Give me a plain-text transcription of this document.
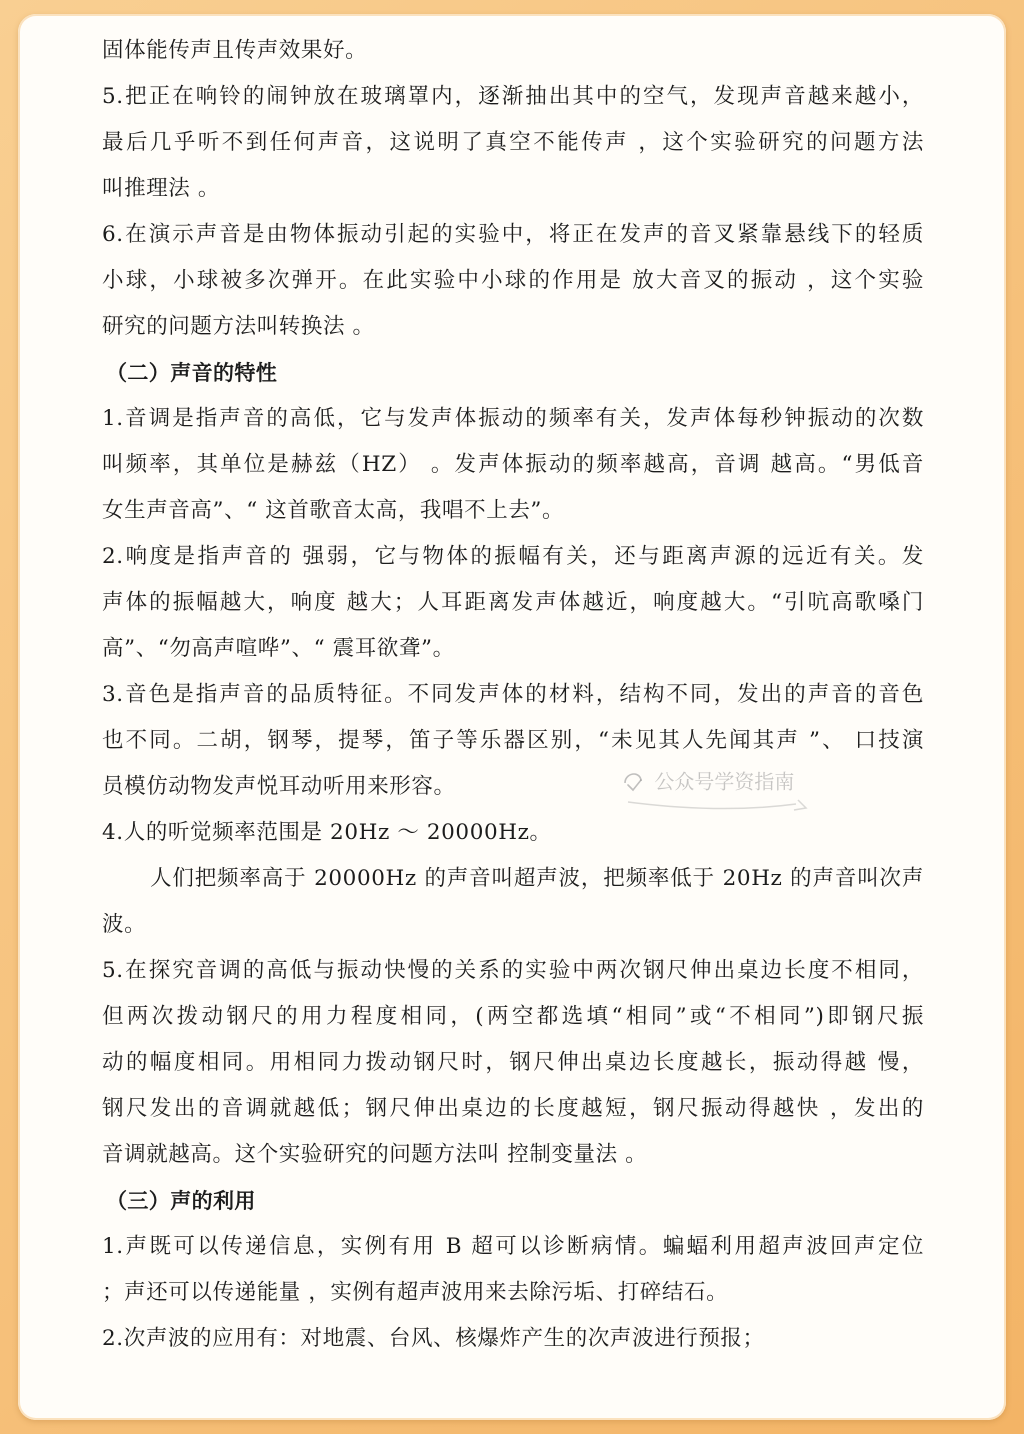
固体能传声且传声效果好。
5.把正在响铃的闹钟放在玻璃罩内，逐渐抽出其中的空气，发现声音越来越小，
最后几乎听不到任何声音，这说明了真空不能传声 ，这个实验研究的问题方法
叫推理法 。
6.在演示声音是由物体振动引起的实验中，将正在发声的音叉紧靠悬线下的轻质
小球，小球被多次弹开。在此实验中小球的作用是 放大音叉的振动 ，这个实验
研究的问题方法叫转换法 。
（二）声音的特性
1.音调是指声音的高低，它与发声体振动的频率有关，发声体每秒钟振动的次数
叫频率，其单位是赫兹（HZ） 。发声体振动的频率越高，音调 越高。“男低音
女生声音高”、“ 这首歌音太高，我唱不上去”。
2.响度是指声音的 强弱，它与物体的振幅有关，还与距离声源的远近有关。发
声体的振幅越大，响度 越大；人耳距离发声体越近，响度越大。“引吭高歌嗓门
高”、“勿高声喧哗”、“ 震耳欲聋”。
3.音色是指声音的品质特征。不同发声体的材料，结构不同，发出的声音的音色
也不同。二胡，钢琴，提琴，笛子等乐器区别，“未见其人先闻其声 ”、 口技演
员模仿动物发声悦耳动听用来形容。
4.人的听觉频率范围是 20Hz ～ 20000Hz。
人们把频率高于 20000Hz 的声音叫超声波，把频率低于 20Hz 的声音叫次声
波。
5.在探究音调的高低与振动快慢的关系的实验中两次钢尺伸出桌边长度不相同，
但两次拨动钢尺的用力程度相同，(两空都选填“相同”或“不相同”)即钢尺振
动的幅度相同。用相同力拨动钢尺时，钢尺伸出桌边长度越长，振动得越 慢，
钢尺发出的音调就越低；钢尺伸出桌边的长度越短，钢尺振动得越快 ，发出的
音调就越高。这个实验研究的问题方法叫 控制变量法 。
（三）声的利用
1.声既可以传递信息，实例有用 B 超可以诊断病情。蝙蝠利用超声波回声定位
；声还可以传递能量 ，实例有超声波用来去除污垢、打碎结石。
2.次声波的应用有：对地震、台风、核爆炸产生的次声波进行预报；
公众号学资指南
